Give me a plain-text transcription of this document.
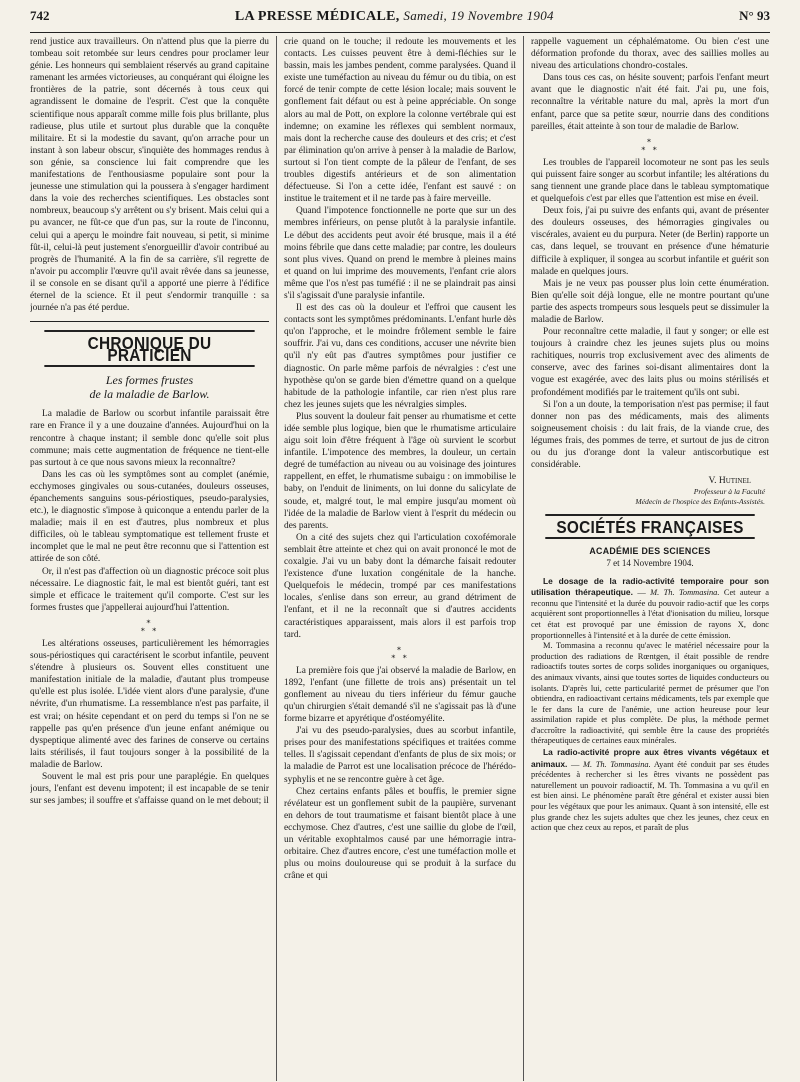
742	LA PRESSE MÉDICALE, Samedi, 19 Novembre 1904	N° 93

rend justice aux travailleurs. On n'attend plus que la pierre du tombeau soit retombée sur leurs cendres pour proclamer leur génie. Les honneurs qui semblaient réservés au grand capitaine ramenant les armées victorieuses, au conquérant qui éloigne les frontières de la patrie, sont décernés à tous ceux qui agrandissent le domaine de l'esprit. C'est que la conquête scientifique nous apparaît comme mille fois plus brillante, plus radieuse, plus utile et surtout plus durable que la conquête militaire. Et si la modestie du savant, qu'on arrache pour un instant à son labeur obscur, s'inquiète des hommages rendus à son génie, sa conscience lui fait comprendre que les manifestations de l'enthousiasme populaire sont pour la jeunesse une stimulation qui la poussera à s'engager hardiment dans la voie des recherches scientifiques. Les obstacles sont nombreux, beaucoup s'y arrêtent ou s'y brisent. Mais celui qui a pu avancer, ne fût-ce que d'un pas, sur la route de l'inconnu, celui qui a aperçu le moindre fait nouveau, si petit, si minime fût-il, celui-là peut justement s'enorgueillir d'avoir contribué au progrès de l'humanité. A la fin de sa carrière, s'il regrette de n'avoir pu accomplir l'œuvre qu'il avait rêvée dans sa jeunesse, il se console en se disant qu'il a apporté une pierre à l'édifice éternel de la science. Et il peut s'endormir tranquille : sa journée n'a pas été perdue.

CHRONIQUE DU PRATICIEN
Les formes frustes
de la maladie de Barlow.

La maladie de Barlow ou scorbut infantile paraissait être rare en France il y a une douzaine d'années. Aujourd'hui on la rencontre à chaque instant; il semble donc qu'elle soit plus commune; mais cette augmentation de fréquence ne tient-elle pas surtout à ce que nous savons mieux la reconnaître?

Dans les cas où les symptômes sont au complet (anémie, ecchymoses gingivales ou sous-cutanées, douleurs osseuses, épanchements sanguins sous-périostiques, pseudo-paralysies, etc.), le diagnostic s'impose à quiconque a entendu parler de la maladie; mais il en est d'autres, plus nombreux et plus difficiles, où le tableau symptomatique est tellement fruste et incomplet que le mal ne peut être reconnu que si l'attention est attirée de son côté.

Or, il n'est pas d'affection où un diagnostic précoce soit plus nécessaire. Le diagnostic fait, le mal est bientôt guéri, tant est simple et efficace le traitement qu'il comporte. C'est sur les formes frustes que j'appellerai aujourd'hui l'attention.

∗
∗ ∗

Les altérations osseuses, particulièrement les hémorragies sous-périostiques qui caractérisent le scorbut infantile, peuvent s'étendre à plusieurs os. Souvent elles constituent une manifestation initiale de la maladie, d'autant plus trompeuse qu'elle est plus isolée. L'idée vient alors d'une paralysie, d'une névrite, d'un rhumatisme. La ressemblance n'est pas parfaite, il est vrai; on hésite cependant et on perd du temps si l'on ne se rappelle pas qu'en présence d'un jeune enfant anémique ou dyspeptique alimenté avec des farines de conserve ou certains laits stérilisés, il faut toujours songer à la possibilité de la maladie de Barlow.

Souvent le mal est pris pour une paraplégie. En quelques jours, l'enfant est devenu impotent; il est incapable de se tenir sur ses jambes; il souffre et s'affaisse quand on le met debout; il

crie quand on le touche; il redoute les mouvements et les contacts. Les cuisses peuvent être à demi-fléchies sur le bassin, mais les jambes pendent, comme paralysées. Quand il existe une tuméfaction au niveau du fémur ou du tibia, on est forcé de tenir compte de cette lésion locale; mais souvent le gonflement fait défaut ou est à peine appréciable. On songe alors au mal de Pott, on explore la colonne vertébrale qui est indemne; on examine les réflexes qui semblent normaux, mais dont la recherche cause des douleurs et des cris; et c'est par élimination qu'on arrive à penser à la maladie de Barlow, surtout si l'on tient compte de la pâleur de l'enfant, de ses troubles digestifs antérieurs et de son alimentation défectueuse. Si l'on a cette idée, l'enfant est sauvé : on institue le traitement et il ne tarde pas à faire merveille.

Quand l'impotence fonctionnelle ne porte que sur un des membres inférieurs, on pense plutôt à la paralysie infantile. Le début des accidents peut avoir été brusque, mais il a été moins fébrile que dans cette maladie; par contre, les douleurs sont plus vives. Quand on prend le membre à pleines mains et quand on lui imprime des mouvements, l'enfant crie alors même que l'os n'est pas tuméfié : il ne se plaindrait pas ainsi s'il s'agissait d'une paralysie infantile.

Il est des cas où la douleur et l'effroi que causent les contacts sont les symptômes prédominants. L'enfant hurle dès qu'on l'approche, et le moindre frôlement semble le faire souffrir. J'ai vu, dans ces conditions, accuser une névrite bien qu'il n'y eût pas d'autres symptômes pour justifier ce diagnostic. On parle même parfois de névralgies : c'est une hypothèse qu'on se garde bien d'émettre quand on a quelque habitude de la pathologie infantile, car rien n'est plus rare chez les jeunes sujets que les névralgies simples.

Plus souvent la douleur fait penser au rhumatisme et cette idée semble plus logique, bien que le rhumatisme articulaire aigu soit loin d'être fréquent à l'âge où survient le scorbut infantile. L'impotence des membres, la douleur, un certain degré de tuméfaction au niveau ou au voisinage des jointures rappellent, en effet, le rhumatisme subaigu : on immobilise le baby, on l'enduit de liniments, on lui donne du salicylate de soude, et, malgré tout, le mal empire jusqu'au moment où l'idée de la maladie de Barlow vient à l'esprit du médecin ou des parents.

On a cité des sujets chez qui l'articulation coxofémorale semblait être atteinte et chez qui on avait prononcé le mot de coxalgie. J'ai vu un baby dont la démarche faisait redouter l'existence d'une luxation congénitale de la hanche. Quelquefois le médecin, trompé par ces manifestations locales, s'enlise dans son erreur, au grand détriment de l'enfant, et il ne la reconnaît que si d'autres accidents caractéristiques apparaissent, mais alors il est parfois trop tard.

∗
∗ ∗

La première fois que j'ai observé la maladie de Barlow, en 1892, l'enfant (une fillette de trois ans) présentait un tel gonflement au niveau du tiers inférieur du fémur gauche qu'un chirurgien s'était demandé s'il ne s'agissait pas là d'une forme bizarre et apyrétique d'ostéomyélite.

J'ai vu des pseudo-paralysies, dues au scorbut infantile, prises pour des manifestations spécifiques et traitées comme telles. Il s'agissait cependant d'enfants de plus de six mois; or la maladie de Parrot est une localisation précoce de l'hérédo-syphylis et ne se rencontre guère à cet âge.

Chez certains enfants pâles et bouffis, le premier signe révélateur est un gonflement subit de la paupière, survenant en dehors de tout traumatisme et faisant bientôt place à une ecchymose. Chez d'autres, c'est une saillie du globe de l'œil, un véritable exophtalmos causé par une hémorragie intra-orbitaire. Chez d'autres encore, c'est une tuméfaction molle et plus ou moins douloureuse qui se produit à la surface du crâne et qui

rappelle vaguement un céphalématome. Ou bien c'est une déformation profonde du thorax, avec des saillies molles au niveau des articulations chondro-costales.

Dans tous ces cas, on hésite souvent; parfois l'enfant meurt avant que le diagnostic n'ait été fait. J'ai pu, une fois, reconnaître la véritable nature du mal, après la mort d'un enfant, parce que sa petite sœur, nourrie dans des conditions pareilles, était atteinte à son tour de maladie de Barlow.

∗
∗ ∗

Les troubles de l'appareil locomoteur ne sont pas les seuls qui puissent faire songer au scorbut infantile; les altérations du sang tiennent une grande place dans le tableau symptomatique et quelquefois c'est par elles que l'attention est mise en éveil.

Deux fois, j'ai pu suivre des enfants qui, avant de présenter des douleurs osseuses, des hémorragies gingivales ou viscérales, avaient eu du purpura. Neter (de Berlin) rapporte un cas, dans lequel, se trouvant en présence d'une hématurie difficile à expliquer, il songea au scorbut infantile et guérit son malade en quelques jours.

Mais je ne veux pas pousser plus loin cette énumération. Bien qu'elle soit déjà longue, elle ne montre pourtant qu'une partie des aspects trompeurs sous lesquels peut se dissimuler la maladie de Barlow.

Pour reconnaître cette maladie, il faut y songer; or elle est toujours à craindre chez les jeunes sujets plus ou moins rachitiques, nourris trop exclusivement avec des aliments de conserve, avec des farines soi-disant alimentaires dont la vogue est exagérée, avec des laits plus ou moins stérilisés et profondément modifiés par le traitement qu'ils ont subi.

Si l'on a un doute, la temporisation n'est pas permise; il faut donner non pas des médicaments, mais des aliments soigneusement choisis : du lait frais, de la viande crue, des légumes frais, des pommes de terre, et surtout de jus de citron ou du jus d'orange dont la valeur antiscorbutique est considérable.

V. Hutinel
Professeur à la Faculté
Médecin de l'hospice des Enfants-Assistés.
SOCIÉTÉS FRANÇAISES
ACADÉMIE DES SCIENCES
7 et 14 Novembre 1904.

Le dosage de la radio-activité temporaire pour son utilisation thérapeutique. — M. Th. Tommasina. Cet auteur a reconnu que l'intensité et la durée du pouvoir radio-actif que les corps acquièrent sont proportionnelles à l'état d'ionisation du milieu, lorsque cet état est provoqué par une émission de rayons X, donc proportionnelles à l'intensité et à la durée de cette émission.

M. Tommasina a reconnu qu'avec le matériel nécessaire pour la production des radiations de Rœntgen, il était possible de rendre radioactifs toutes sortes de corps solides inorganiques ou organiques, des animaux vivants, ainsi que toutes sortes de liquides conducteurs ou isolants. D'après lui, cette particularité permet de présumer que l'on obtiendra, en radioactivant certains médicaments, tels par exemple que le fer dans la cure de l'anémie, une action heureuse pour leur assimilation rapide et plus complète. De plus, la méthode permet d'accroître la radioactivité, qui semble être la cause des propriétés thérapeutiques de certaines eaux minérales.

La radio-activité propre aux êtres vivants végétaux et animaux. — M. Th. Tommasina. Ayant été conduit par ses études précédentes à rechercher si les êtres vivants ne possèdent pas naturellement un pouvoir radioactif, M. Th. Tommasina a vu qu'il en est bien ainsi. Le phénomène paraît être général et exister aussi bien pour les végétaux que pour les animaux. Quant à son intensité, elle est plus grande chez les sujets adultes que chez les jeunes, chez ceux en action que chez ceux au repos, et paraît de plus
